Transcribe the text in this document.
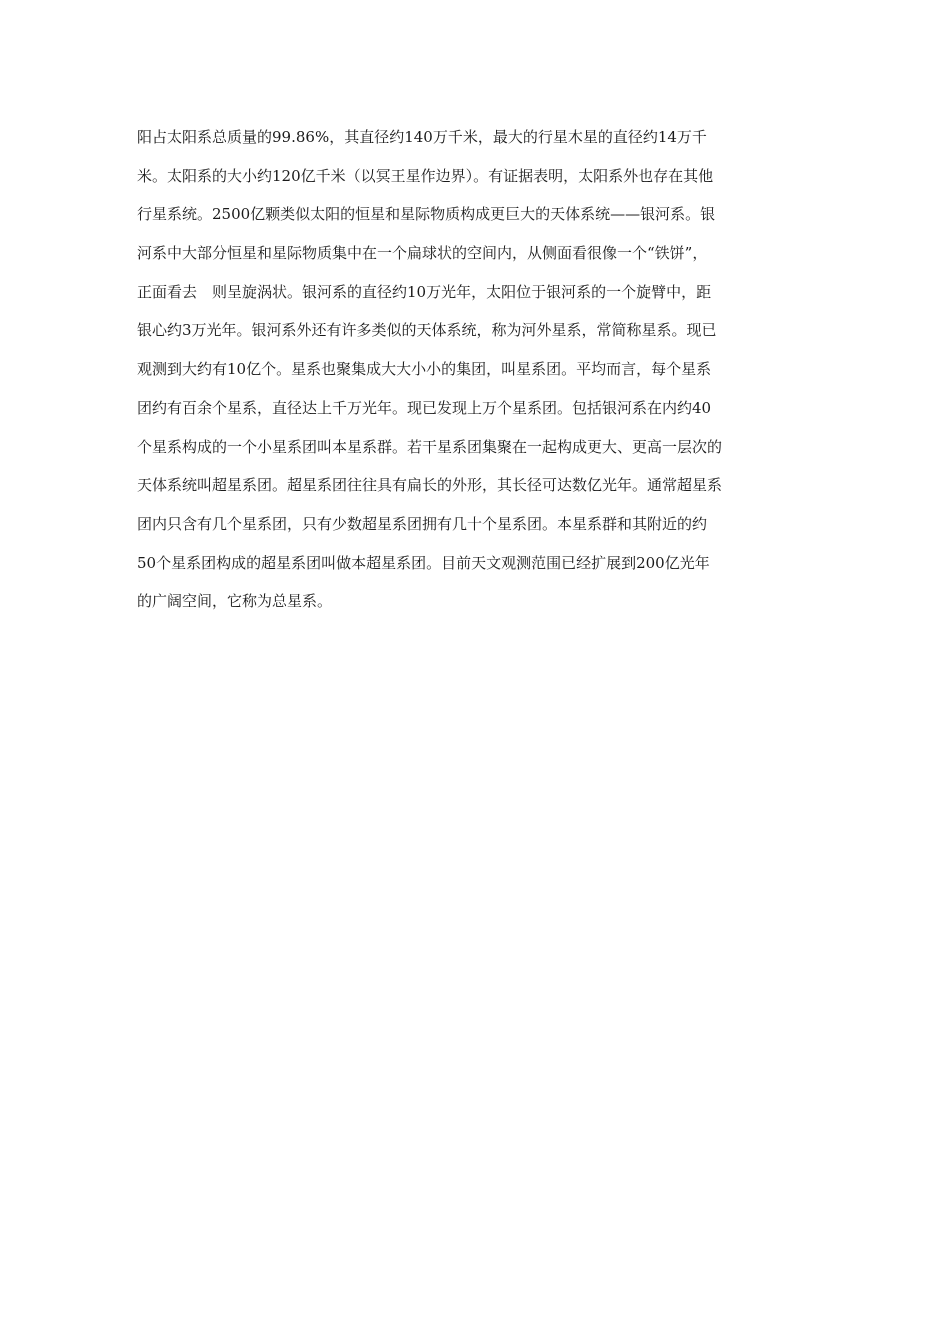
阳占太阳系总质量的99.86%，其直径约140万千米，最大的行星木星的直径约14万千
米。太阳系的大小约120亿千米（以冥王星作边界）。有证据表明，太阳系外也存在其他
行星系统。2500亿颗类似太阳的恒星和星际物质构成更巨大的天体系统——银河系。银
河系中大部分恒星和星际物质集中在一个扁球状的空间内，从侧面看很像一个“铁饼”，
正面看去　则呈旋涡状。银河系的直径约10万光年，太阳位于银河系的一个旋臂中，距
银心约3万光年。银河系外还有许多类似的天体系统，称为河外星系，常简称星系。现已
观测到大约有10亿个。星系也聚集成大大小小的集团，叫星系团。平均而言，每个星系
团约有百余个星系，直径达上千万光年。现已发现上万个星系团。包括银河系在内约40
个星系构成的一个小星系团叫本星系群。若干星系团集聚在一起构成更大、更高一层次的
天体系统叫超星系团。超星系团往往具有扁长的外形，其长径可达数亿光年。通常超星系
团内只含有几个星系团，只有少数超星系团拥有几十个星系团。本星系群和其附近的约
50个星系团构成的超星系团叫做本超星系团。目前天文观测范围已经扩展到200亿光年
的广阔空间，它称为总星系。
